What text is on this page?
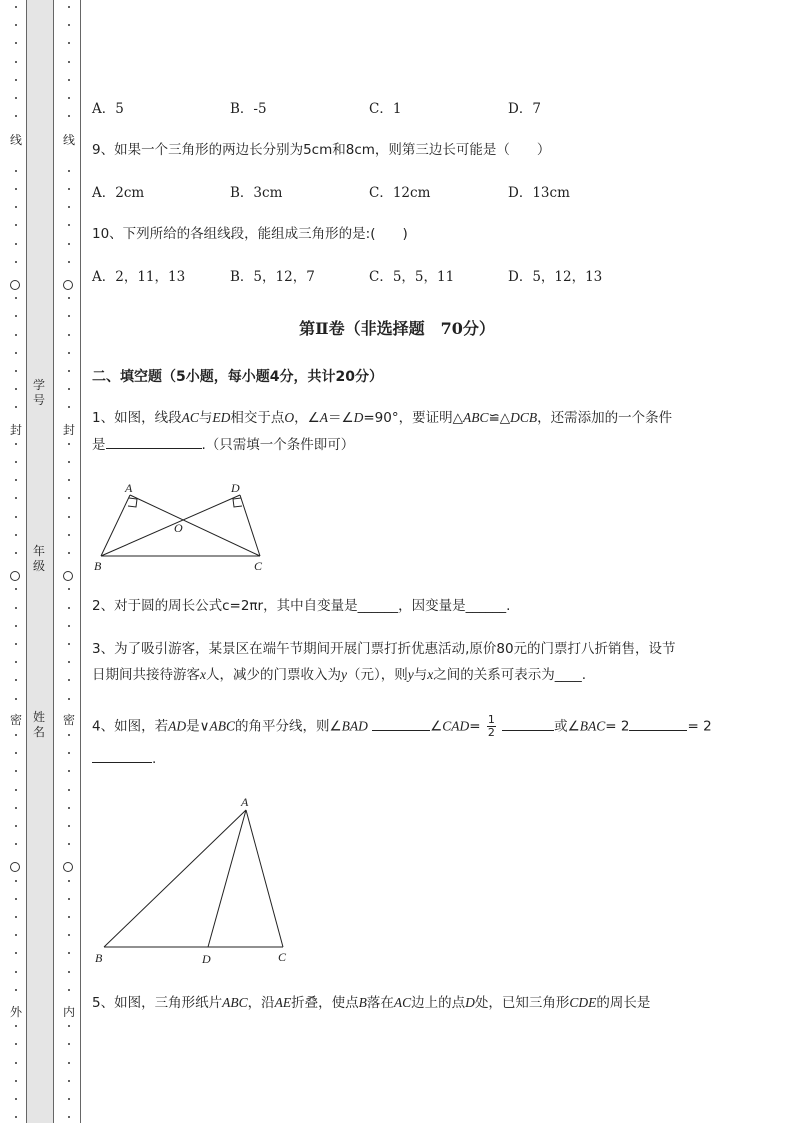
线
封
密
外
线
封
密
内
学
号
年
级
姓
名
A．5	B．-5	C．1	D．7
9、如果一个三角形的两边长分别为5cm和8cm，则第三边长可能是（　　）
A．2cm	B．3cm	C．12cm	D．13cm
10、下列所给的各组线段，能组成三角形的是:(　　)
A．2，11，13	B．5，12，7	C．5，5，11	D．5，12，13
第Ⅱ卷（非选择题　70分）
二、填空题（5小题，每小题4分，共计20分）
1、如图，线段AC与ED相交于点O，∠A＝∠D=90°，要证明△ABC≌△DCB，还需添加的一个条件
是	.（只需填一个条件即可）
A	D
O
B	C
2、对于圆的周长公式c=2πr，其中自变量是______，因变量是______.
3、为了吸引游客，某景区在端午节期间开展门票打折优惠活动,原价80元的门票打八折销售，设节
日期间共接待游客x人，减少的门票收入为y（元），则y与x之间的关系可表示为____.
4、如图，若AD是∨ABC的角平分线，则∠BAD	∠CAD= $\frac{1}{2}$	或∠BAC= 2	= 2
.
A
B	D	C
5、如图，三角形纸片ABC，沿AE折叠，使点B落在AC边上的点D处，已知三角形CDE的周长是
